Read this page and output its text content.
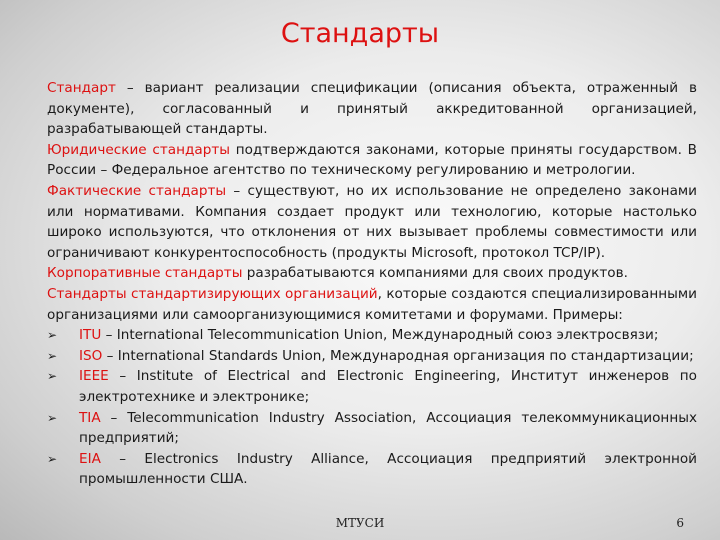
Стандарты

Стандарт – вариант реализации спецификации (описания объекта, отраженный в документе), согласованный и принятый аккредитованной организацией, разрабатывающей стандарты.

Юридические стандарты подтверждаются законами, которые приняты государством. В России – Федеральное агентство по техническому регулированию и метрологии.

Фактические стандарты – существуют, но их использование не определено законами или нормативами. Компания создает продукт или технологию, которые настолько широко используются, что отклонения от них вызывает проблемы совместимости или ограничивают конкурентоспособность (продукты Microsoft, протокол TCP/IP).

Корпоративные стандарты разрабатываются компаниями для своих продуктов.

Стандарты стандартизирующих организаций, которые создаются специализированными организациями или самоорганизующимися комитетами и форумами. Примеры:

➢ ITU – International Telecommunication Union, Международный союз электросвязи;
➢ ISO – International Standards Union, Международная организация по стандартизации;
➢ IEEE – Institute of Electrical and Electronic Engineering, Институт инженеров по электротехнике и электронике;
➢ TIA – Telecommunication Industry Association, Ассоциация телекоммуникационных предприятий;
➢ EIA – Electronics Industry Alliance, Ассоциация предприятий электронной промышленности США.
МТУСИ	6
